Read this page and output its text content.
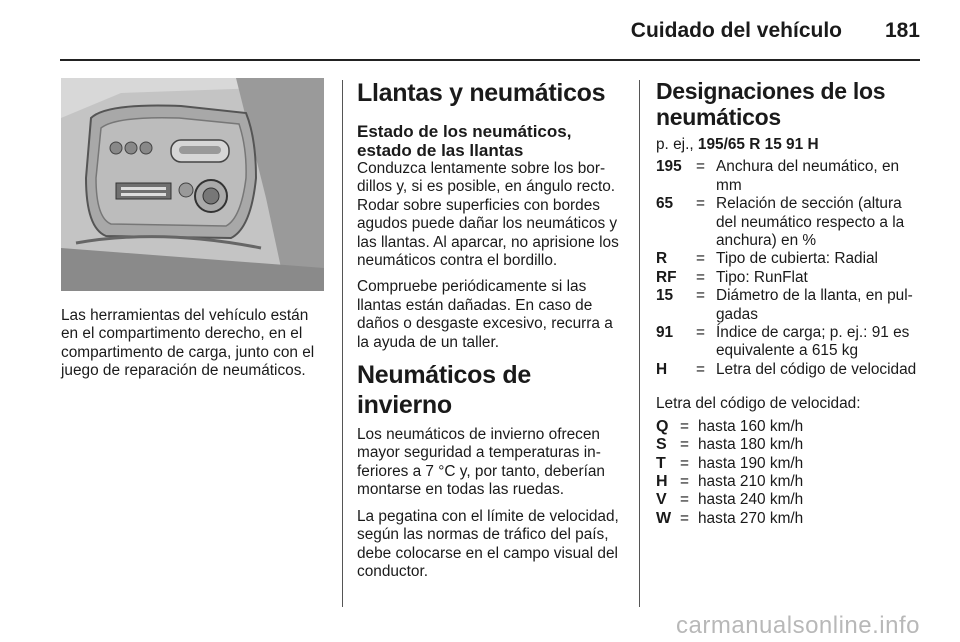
Cuidado del vehículo 181

Las herramientas del vehículo están en el compartimento derecho, en el compartimento de carga, junto con el juego de reparación de neumáticos.

Llantas y neumáticos
Estado de los neumáticos, estado de las llantas

Conduzca lentamente sobre los bordillos y, si es posible, en ángulo recto. Rodar sobre superficies con bordes agudos puede dañar los neumáticos y las llantas. Al aparcar, no aprisione los neumáticos contra el bordillo.

Compruebe periódicamente si las llantas están dañadas. En caso de daños o desgaste excesivo, recurra a la ayuda de un taller.

Neumáticos de invierno

Los neumáticos de invierno ofrecen mayor seguridad a temperaturas inferiores a 7 °C y, por tanto, deberían montarse en todas las ruedas.

La pegatina con el límite de velocidad, según las normas de tráfico del país, debe colocarse en el campo visual del conductor.

Designaciones de los neumáticos

p. ej., 195/65 R 15 91 H

195 = Anchura del neumático, en mm
65	= Relación de sección (altura del neumático respecto a la anchura) en %
R	= Tipo de cubierta: Radial
RF	= Tipo: RunFlat
15	= Diámetro de la llanta, en pulgadas
91	= Índice de carga; p. ej.: 91 es equivalente a 615 kg
H	= Letra del código de velocidad

Letra del código de velocidad:

Q = hasta 160 km/h
S = hasta 180 km/h
T = hasta 190 km/h
H = hasta 210 km/h
V = hasta 240 km/h
W = hasta 270 km/h
carmanualsonline.info
